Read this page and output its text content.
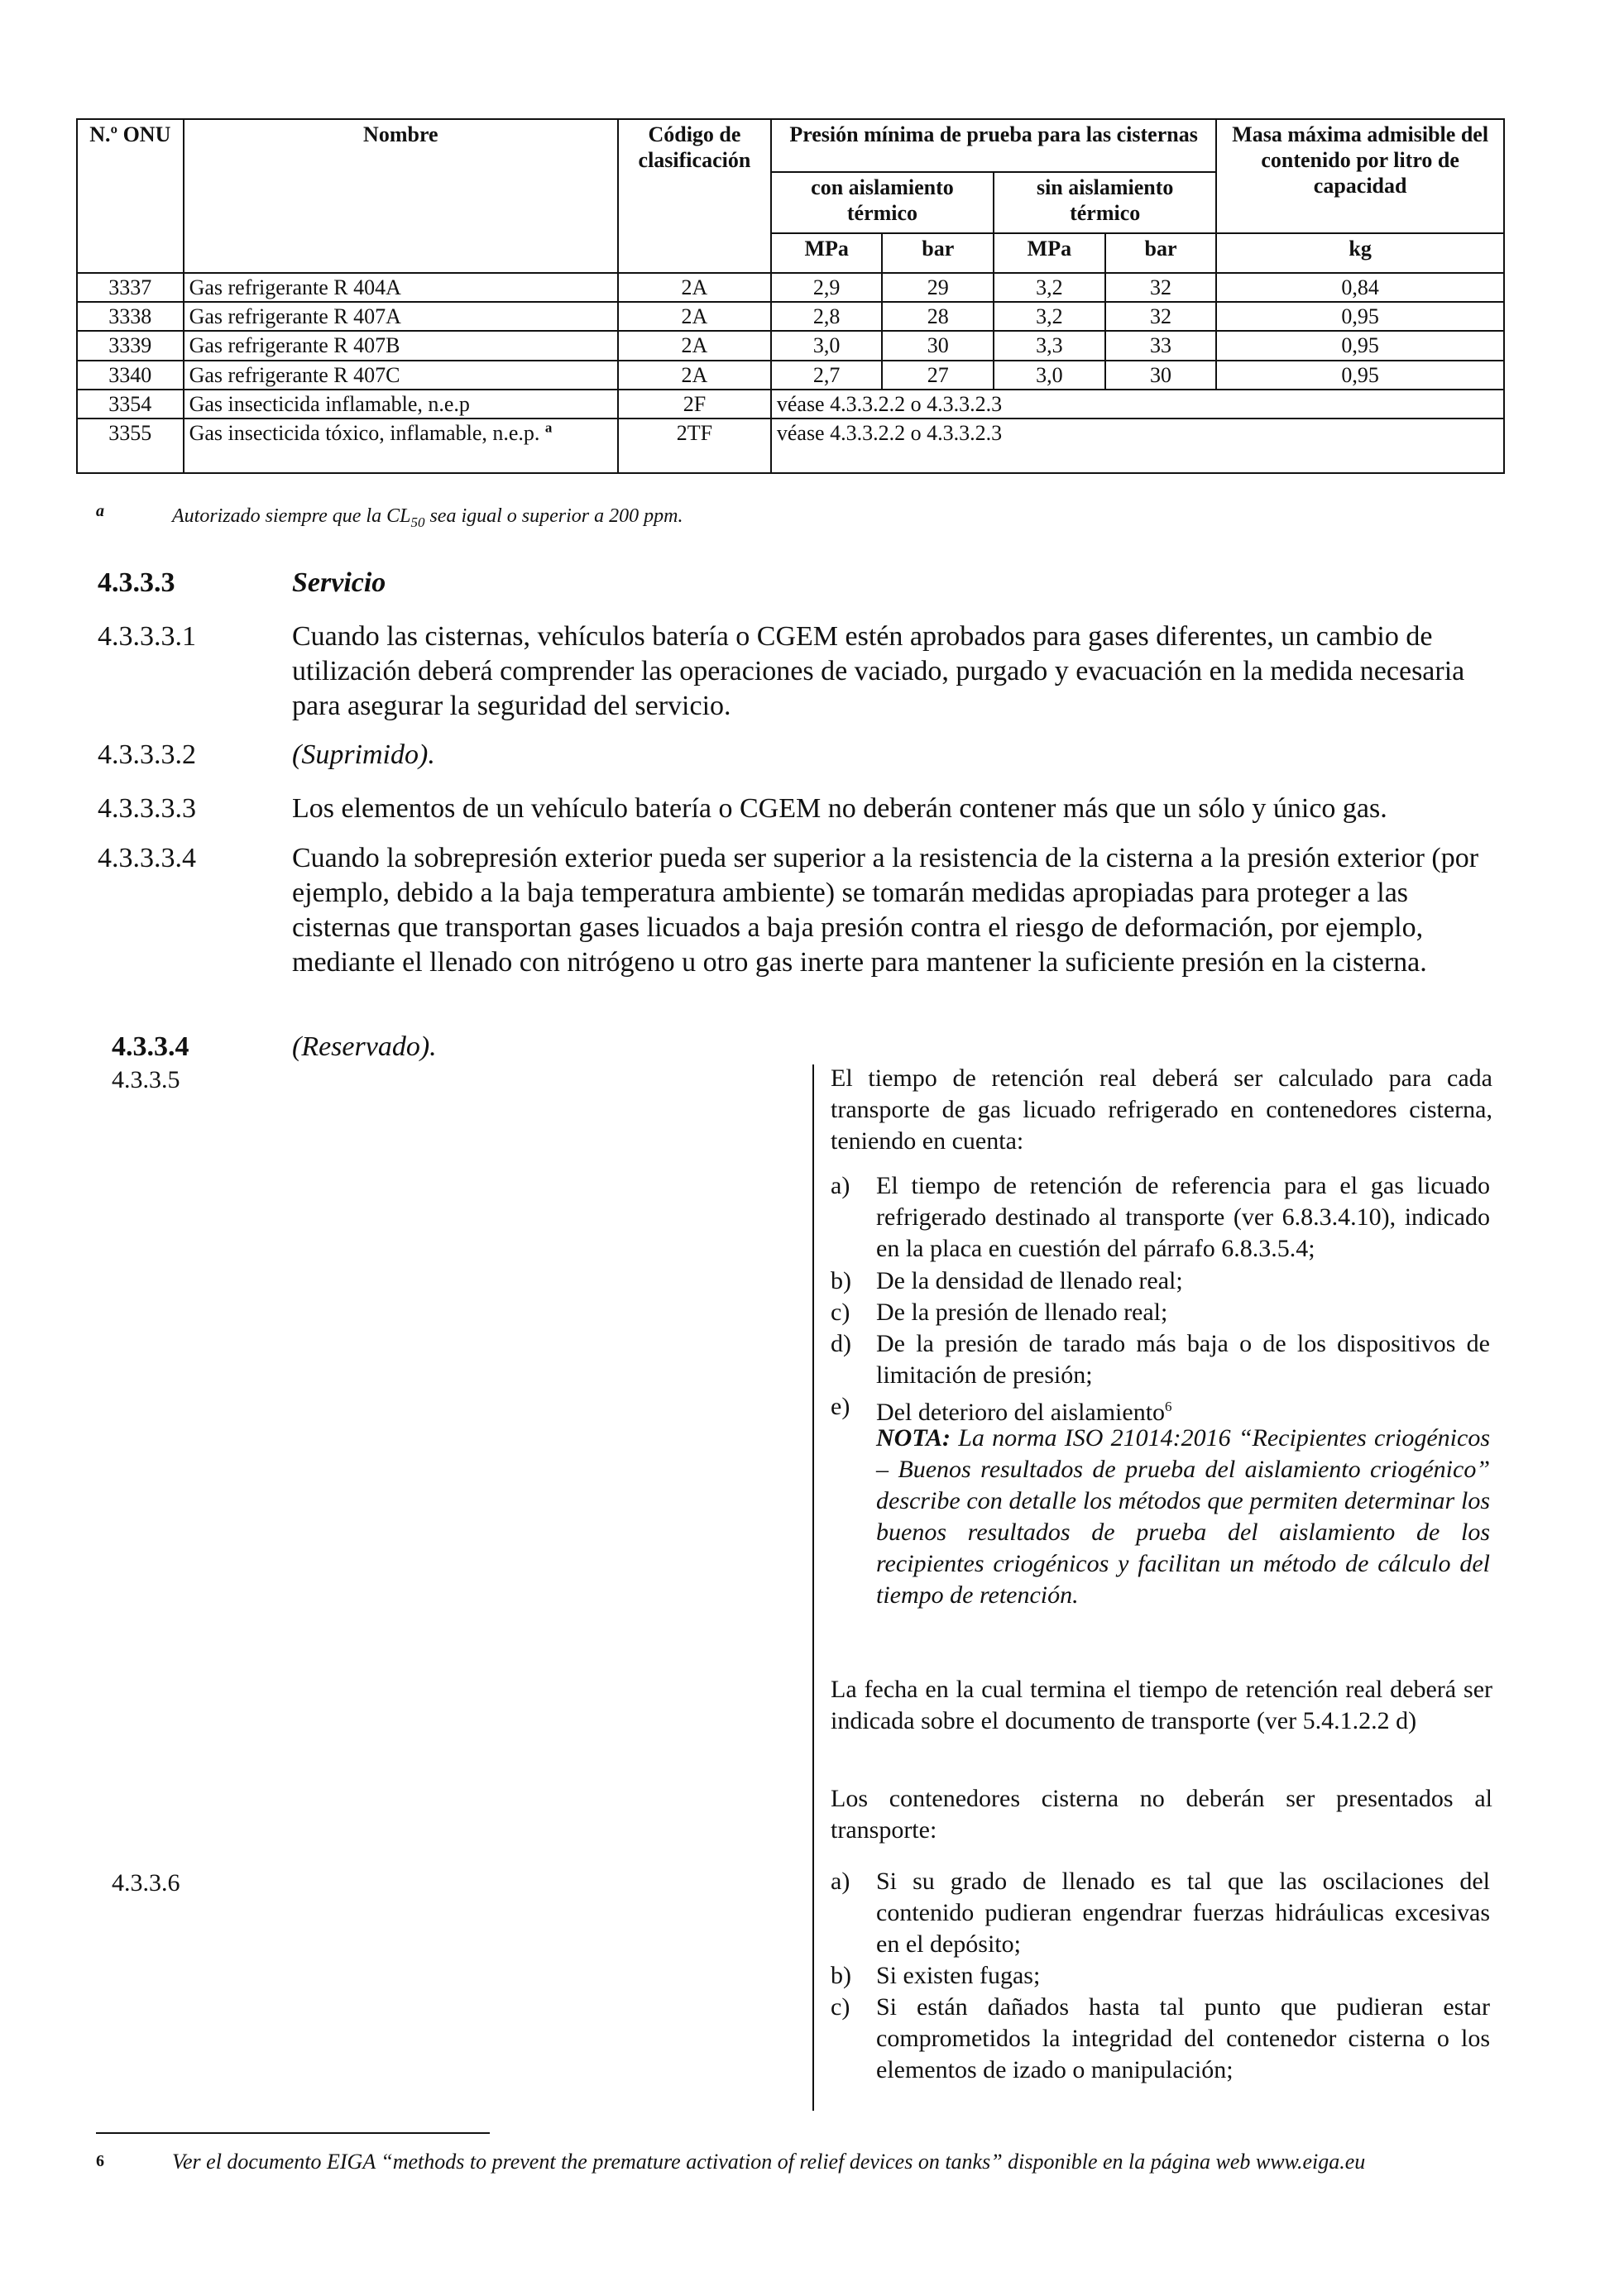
N.º ONU	Nombre	Código de clasificación	Presión mínima de prueba para las cisternas				Masa máxima admisible del contenido por litro de capacidad
			con aislamiento térmico		sin aislamiento térmico		
			MPa	bar	MPa	bar	kg
3337	Gas refrigerante R 404A	2A	2,9	29	3,2	32	0,84
3338	Gas refrigerante R 407A	2A	2,8	28	3,2	32	0,95
3339	Gas refrigerante R 407B	2A	3,0	30	3,3	33	0,95
3340	Gas refrigerante R 407C	2A	2,7	27	3,0	30	0,95
3354	Gas insecticida inflamable, n.e.p	2F	véase 4.3.3.2.2 o 4.3.3.2.3				
3355	Gas insecticida tóxico, inflamable, n.e.p. $^a$	2TF	véase 4.3.3.2.2 o 4.3.3.2.3				
a	Autorizado siempre que la $CL_{50}$ sea igual o superior a 200 ppm.
4.3.3.3	Servicio
4.3.3.3.1	Cuando las cisternas, vehículos batería o CGEM estén aprobados para gases diferentes, un cambio de utilización deberá comprender las operaciones de vaciado, purgado y evacuación en la medida necesaria para asegurar la seguridad del servicio.
4.3.3.3.2	(Suprimido).
4.3.3.3.3	Los elementos de un vehículo batería o CGEM no deberán contener más que un sólo y único gas.
4.3.3.3.4	Cuando la sobrepresión exterior pueda ser superior a la resistencia de la cisterna a la presión exterior (por ejemplo, debido a la baja temperatura ambiente) se tomarán medidas apropiadas para proteger a las cisternas que transportan gases licuados a baja presión contra el riesgo de deformación, por ejemplo, mediante el llenado con nitrógeno u otro gas inerte para mantener la suficiente presión en la cisterna.
4.3.3.4	(Reservado).
4.3.3.5
4.3.3.6
El tiempo de retención real deberá ser calculado para cada transporte de gas licuado refrigerado en contenedores cisterna, teniendo en cuenta:
a)	El tiempo de retención de referencia para el gas licuado refrigerado destinado al transporte (ver 6.8.3.4.10), indicado en la placa en cuestión del párrafo 6.8.3.5.4;
b)	De la densidad de llenado real;
c)	De la presión de llenado real;
d)	De la presión de tarado más baja o de los dispositivos de limitación de presión;
e)	Del deterioro del aislamiento$^6$
NOTA: La norma ISO 21014:2016 “Recipientes criogénicos – Buenos resultados de prueba del aislamiento criogénico” describe con detalle los métodos que permiten determinar los buenos resultados de prueba del aislamiento de los recipientes criogénicos y facilitan un método de cálculo del tiempo de retención.
La fecha en la cual termina el tiempo de retención real deberá ser indicada sobre el documento de transporte (ver 5.4.1.2.2 d)
Los contenedores cisterna no deberán ser presentados al transporte:
a)	Si su grado de llenado es tal que las oscilaciones del contenido pudieran engendrar fuerzas hidráulicas excesivas en el depósito;
b)	Si existen fugas;
c)	Si están dañados hasta tal punto que pudieran estar comprometidos la integridad del contenedor cisterna o los elementos de izado o manipulación;
6	Ver el documento EIGA “methods to prevent the premature activation of relief devices on tanks” disponible en la página web www.eiga.eu
